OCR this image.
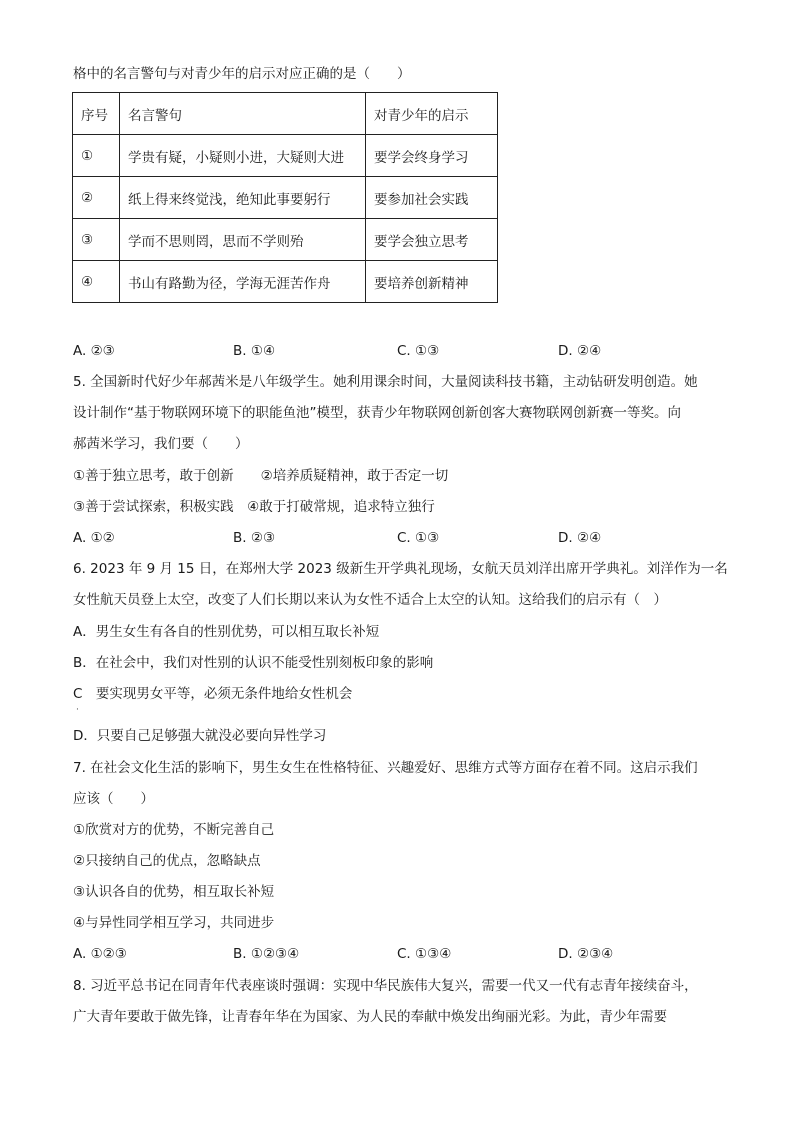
格中的名言警句与对青少年的启示对应正确的是（　　）
序号	名言警句	对青少年的启示
①	学贵有疑，小疑则小进，大疑则大进	要学会终身学习
②	纸上得来终觉浅，绝知此事要躬行	要参加社会实践
③	学而不思则罔，思而不学则殆	要学会独立思考
④	书山有路勤为径，学海无涯苦作舟	要培养创新精神
A. ②③	B. ①④	C. ①③	D. ②④
5. 全国新时代好少年郝茜米是八年级学生。她利用课余时间，大量阅读科技书籍，主动钻研发明创造。她
设计制作“基于物联网环境下的职能鱼池”模型，获青少年物联网创新创客大赛物联网创新赛一等奖。向
郝茜米学习，我们要（　　）
①善于独立思考，敢于创新　　②培养质疑精神，敢于否定一切
③善于尝试探索，积极实践　④敢于打破常规，追求特立独行
A. ①②	B. ②③	C. ①③	D. ②④
6. 2023 年 9 月 15 日，在郑州大学 2023 级新生开学典礼现场，女航天员刘洋出席开学典礼。刘洋作为一名
女性航天员登上太空，改变了人们长期以来认为女性不适合上太空的认知。这给我们的启示有（　）
A．男生女生有各自的性别优势，可以相互取长补短
B．在社会中，我们对性别的认识不能受性别刻板印象的影响
C　要实现男女平等，必须无条件地给女性机会
·
D．只要自己足够强大就没必要向异性学习
7. 在社会文化生活的影响下，男生女生在性格特征、兴趣爱好、思维方式等方面存在着不同。这启示我们
应该（　　）
①欣赏对方的优势，不断完善自己
②只接纳自己的优点，忽略缺点
③认识各自的优势，相互取长补短
④与异性同学相互学习，共同进步
A. ①②③	B. ①②③④	C. ①③④	D. ②③④
8. 习近平总书记在同青年代表座谈时强调：实现中华民族伟大复兴，需要一代又一代有志青年接续奋斗，
广大青年要敢于做先锋，让青春年华在为国家、为人民的奉献中焕发出绚丽光彩。为此，青少年需要
